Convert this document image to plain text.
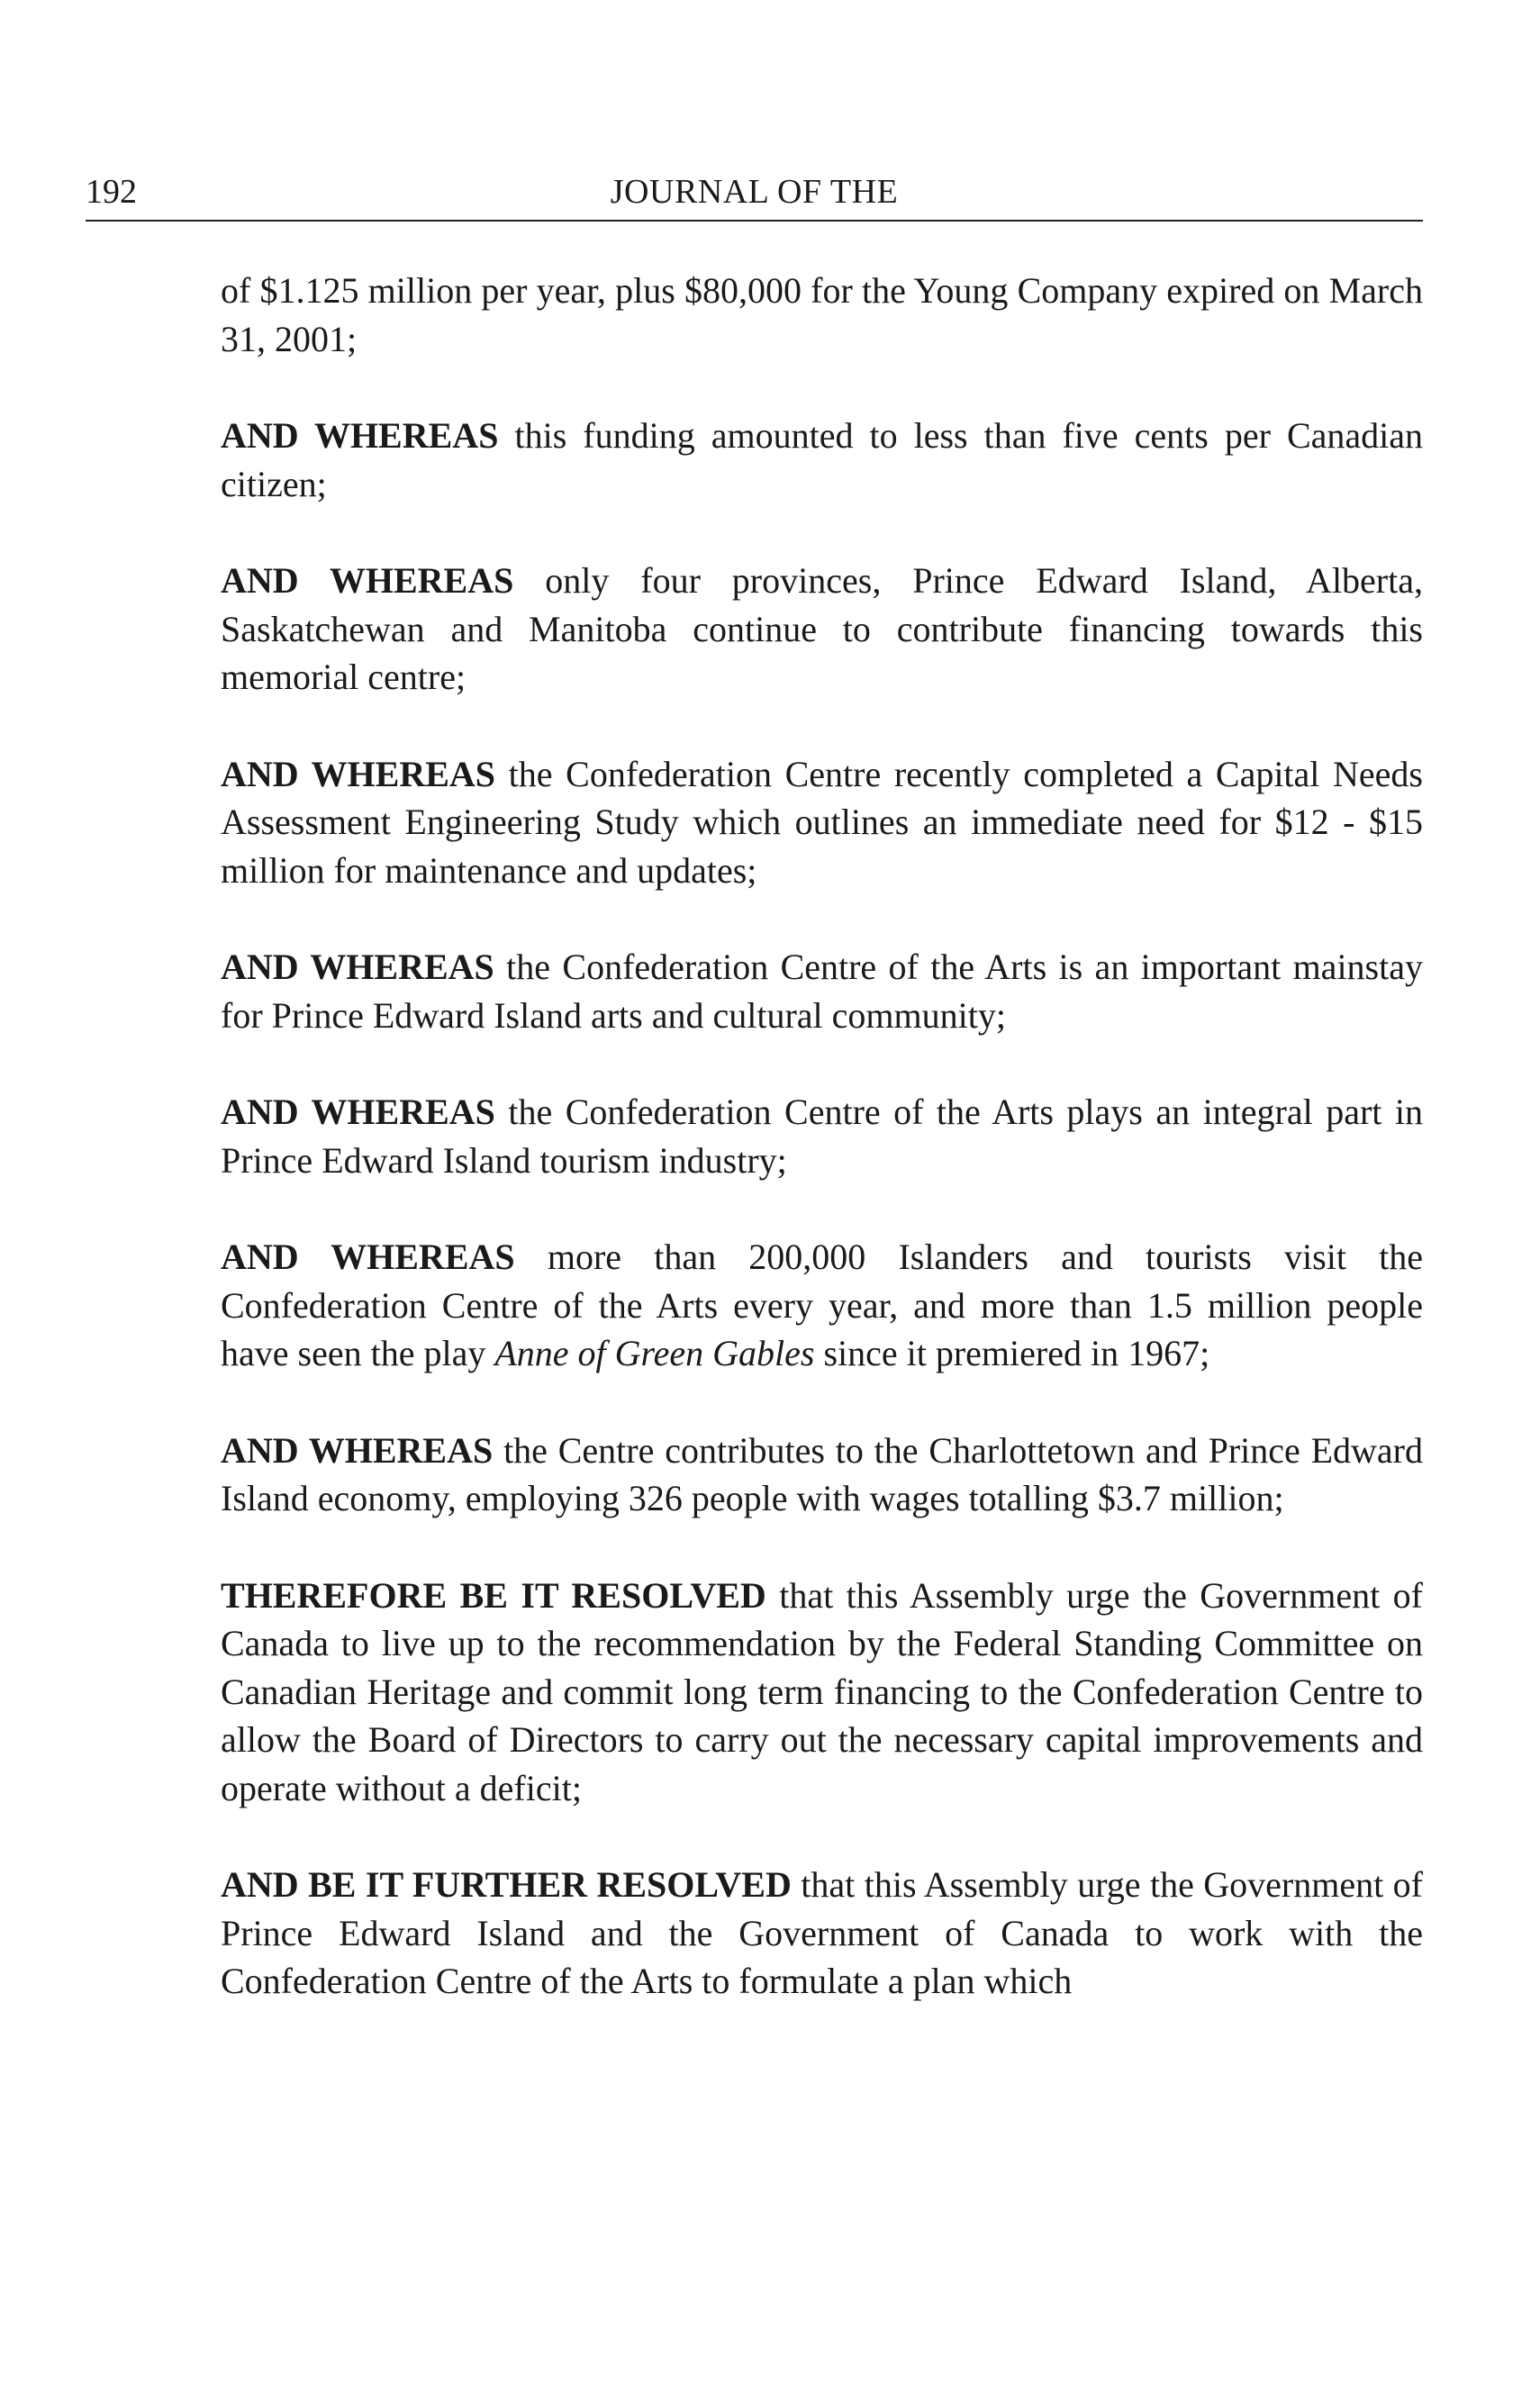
192	JOURNAL OF THE

of $1.125 million per year, plus $80,000 for the Young Company expired on March 31, 2001;

AND WHEREAS this funding amounted to less than five cents per Canadian citizen;

AND WHEREAS only four provinces, Prince Edward Island, Alberta, Saskatchewan and Manitoba continue to contribute financing towards this memorial centre;

AND WHEREAS the Confederation Centre recently completed a Capital Needs Assessment Engineering Study which outlines an immediate need for $12 - $15 million for maintenance and updates;

AND WHEREAS the Confederation Centre of the Arts is an important mainstay for Prince Edward Island arts and cultural community;

AND WHEREAS the Confederation Centre of the Arts plays an integral part in Prince Edward Island tourism industry;

AND WHEREAS more than 200,000 Islanders and tourists visit the Confederation Centre of the Arts every year, and more than 1.5 million people have seen the play Anne of Green Gables since it premiered in 1967;

AND WHEREAS the Centre contributes to the Charlottetown and Prince Edward Island economy, employing 326 people with wages totalling $3.7 million;

THEREFORE BE IT RESOLVED that this Assembly urge the Government of Canada to live up to the recommendation by the Federal Standing Committee on Canadian Heritage and commit long term financing to the Confederation Centre to allow the Board of Directors to carry out the necessary capital improvements and operate without a deficit;

AND BE IT FURTHER RESOLVED that this Assembly urge the Government of Prince Edward Island and the Government of Canada to work with the Confederation Centre of the Arts to formulate a plan which
